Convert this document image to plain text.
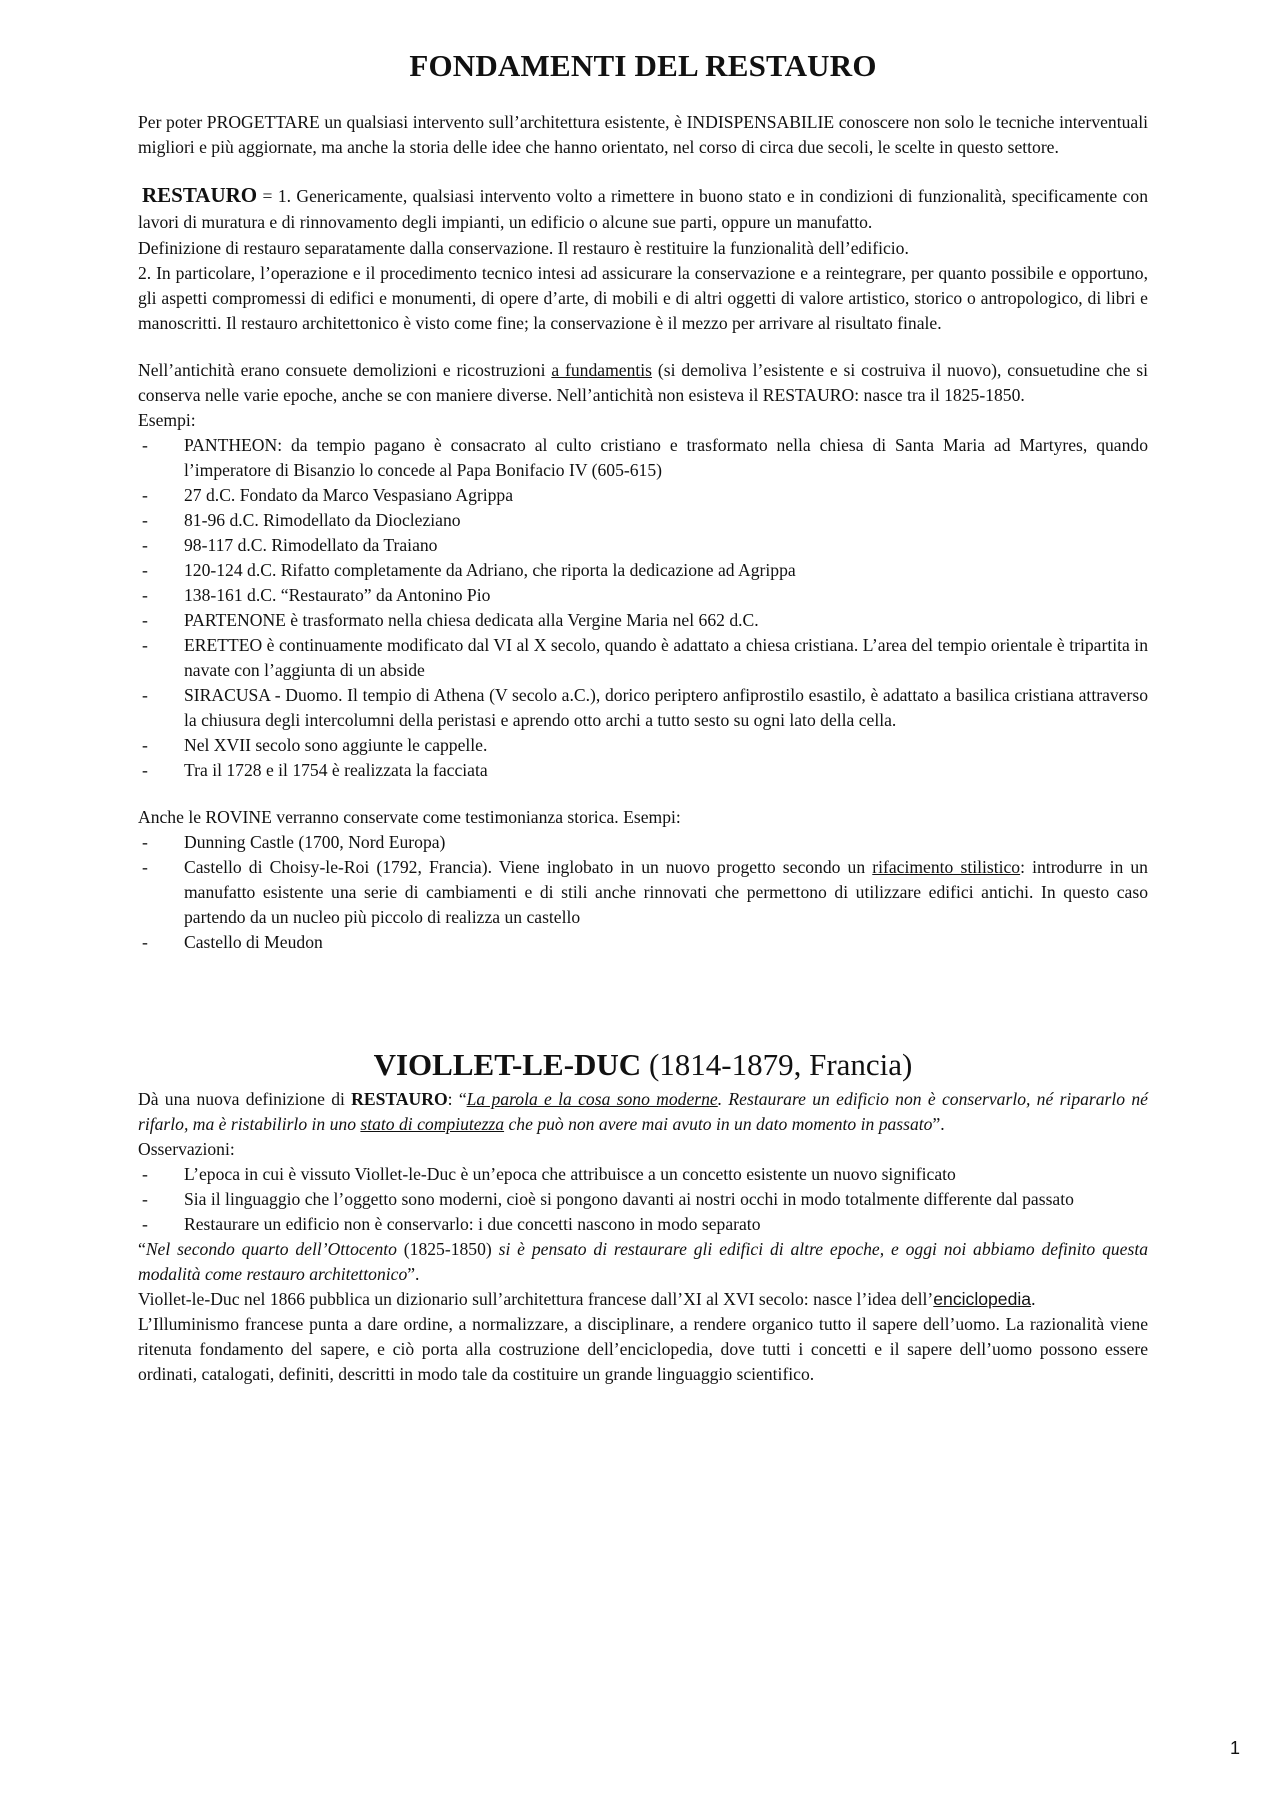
FONDAMENTI DEL RESTAURO

Per poter PROGETTARE un qualsiasi intervento sull’architettura esistente, è INDISPENSABILIE conoscere non solo le tecniche interventuali migliori e più aggiornate, ma anche la storia delle idee che hanno orientato, nel corso di circa due secoli, le scelte in questo settore.

RESTAURO = 1. Genericamente, qualsiasi intervento volto a rimettere in buono stato e in condizioni di funzionalità, specificamente con lavori di muratura e di rinnovamento degli impianti, un edificio o alcune sue parti, oppure un manufatto.
Definizione di restauro separatamente dalla conservazione. Il restauro è restituire la funzionalità dell’edificio.

2. In particolare, l’operazione e il procedimento tecnico intesi ad assicurare la conservazione e a reintegrare, per quanto possibile e opportuno, gli aspetti compromessi di edifici e monumenti, di opere d’arte, di mobili e di altri oggetti di valore artistico, storico o antropologico, di libri e manoscritti. Il restauro architettonico è visto come fine; la conservazione è il mezzo per arrivare al risultato finale.

Nell’antichità erano consuete demolizioni e ricostruzioni a fundamentis (si demoliva l’esistente e si costruiva il nuovo), consuetudine che si conserva nelle varie epoche, anche se con maniere diverse. Nell’antichità non esisteva il RESTAURO: nasce tra il 1825-1850.

Esempi:

- PANTHEON: da tempio pagano è consacrato al culto cristiano e trasformato nella chiesa di Santa Maria ad Martyres, quando l’imperatore di Bisanzio lo concede al Papa Bonifacio IV (605-615)
- 27 d.C. Fondato da Marco Vespasiano Agrippa
- 81-96 d.C. Rimodellato da Diocleziano
- 98-117 d.C. Rimodellato da Traiano
- 120-124 d.C. Rifatto completamente da Adriano, che riporta la dedicazione ad Agrippa
- 138-161 d.C. “Restaurato” da Antonino Pio
- PARTENONE è trasformato nella chiesa dedicata alla Vergine Maria nel 662 d.C.
- ERETTEO è continuamente modificato dal VI al X secolo, quando è adattato a chiesa cristiana. L’area del tempio orientale è tripartita in navate con l’aggiunta di un abside
- SIRACUSA - Duomo. Il tempio di Athena (V secolo a.C.), dorico periptero anfiprostilo esastilo, è adattato a basilica cristiana attraverso la chiusura degli intercolumni della peristasi e aprendo otto archi a tutto sesto su ogni lato della cella.
- Nel XVII secolo sono aggiunte le cappelle.
- Tra il 1728 e il 1754 è realizzata la facciata

Anche le ROVINE verranno conservate come testimonianza storica. Esempi:

- Dunning Castle (1700, Nord Europa)
- Castello di Choisy-le-Roi (1792, Francia). Viene inglobato in un nuovo progetto secondo un rifacimento stilistico: introdurre in un manufatto esistente una serie di cambiamenti e di stili anche rinnovati che permettono di utilizzare edifici antichi. In questo caso partendo da un nucleo più piccolo di realizza un castello
- Castello di Meudon
VIOLLET-LE-DUC (1814-1879, Francia)

Dà una nuova definizione di RESTAURO: “La parola e la cosa sono moderne. Restaurare un edificio non è conservarlo, né ripararlo né rifarlo, ma è ristabilirlo in uno stato di compiutezza che può non avere mai avuto in un dato momento in passato”.

Osservazioni:

- L’epoca in cui è vissuto Viollet-le-Duc è un’epoca che attribuisce a un concetto esistente un nuovo significato
- Sia il linguaggio che l’oggetto sono moderni, cioè si pongono davanti ai nostri occhi in modo totalmente differente dal passato
- Restaurare un edificio non è conservarlo: i due concetti nascono in modo separato

“Nel secondo quarto dell’Ottocento (1825-1850) si è pensato di restaurare gli edifici di altre epoche, e oggi noi abbiamo definito questa modalità come restauro architettonico”.

Viollet-le-Duc nel 1866 pubblica un dizionario sull’architettura francese dall’XI al XVI secolo: nasce l’idea dell’enciclopedia.

L’Illuminismo francese punta a dare ordine, a normalizzare, a disciplinare, a rendere organico tutto il sapere dell’uomo. La razionalità viene ritenuta fondamento del sapere, e ciò porta alla costruzione dell’enciclopedia, dove tutti i concetti e il sapere dell’uomo possono essere ordinati, catalogati, definiti, descritti in modo tale da costituire un grande linguaggio scientifico.

1
